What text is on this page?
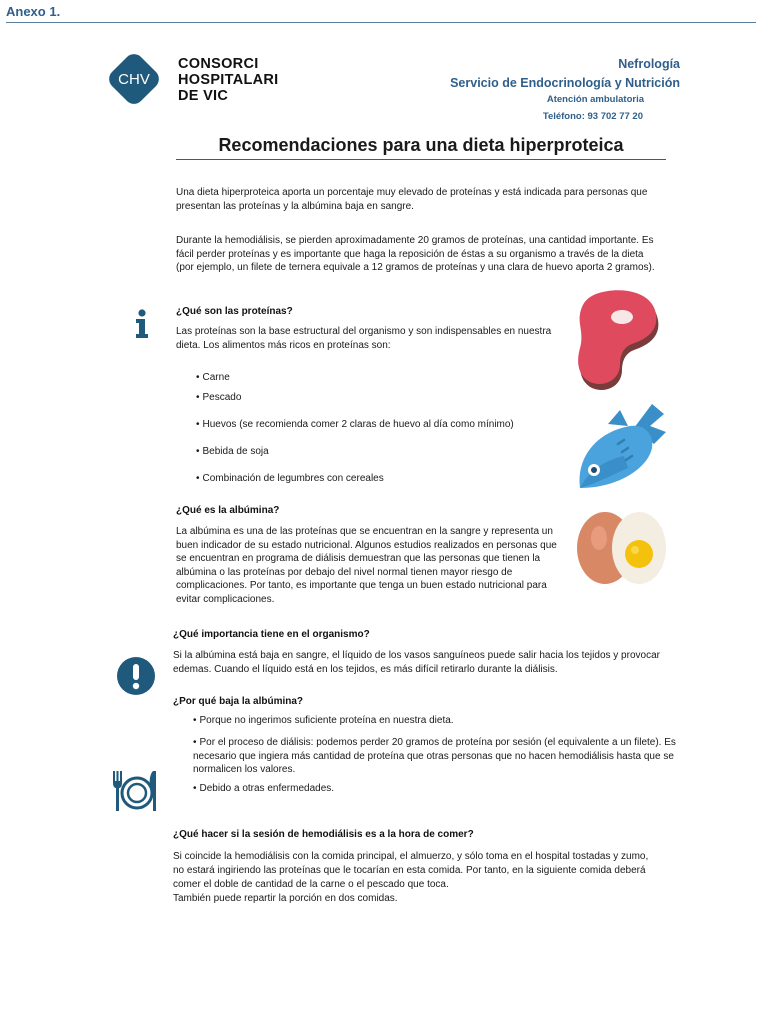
Anexo 1.
CHV
CONSORCI
HOSPITALARI
DE VIC
Nefrología
Servicio de Endocrinología y Nutrición
Atención ambulatoria
Teléfono: 93 702 77 20
Recomendaciones para una dieta hiperproteica

Una dieta hiperproteica aporta un porcentaje muy elevado de proteínas y está indicada para personas que presentan las proteínas y la albúmina baja en sangre.

Durante la hemodiálisis, se pierden aproximadamente 20 gramos de proteínas, una cantidad importante. Es fácil perder proteínas y es importante que haga la reposición de éstas a su organismo a través de la dieta (por ejemplo, un filete de ternera equivale a 12 gramos de proteínas y una clara de huevo aporta 2 gramos).

¿Qué son las proteínas?

Las proteínas son la base estructural del organismo y son indispensables en nuestra dieta. Los alimentos más ricos en proteínas son:

• Carne
• Pescado
• Huevos (se recomienda comer 2 claras de huevo al día como mínimo)
• Bebida de soja
• Combinación de legumbres con cereales
¿Qué es la albúmina?

La albúmina es una de las proteínas que se encuentran en la sangre y representa un buen indicador de su estado nutricional. Algunos estudios realizados en personas que se encuentran en programa de diálisis demuestran que las personas que tienen la albúmina o las proteínas por debajo del nivel normal tienen mayor riesgo de complicaciones. Por tanto, es importante que tenga un buen estado nutricional para evitar complicaciones.

¿Qué importancia tiene en el organismo?

Si la albúmina está baja en sangre, el líquido de los vasos sanguíneos puede salir hacia los tejidos y provocar edemas. Cuando el líquido está en los tejidos, es más difícil retirarlo durante la diálisis.

¿Por qué baja la albúmina?
• Porque no ingerimos suficiente proteína en nuestra dieta.

• Por el proceso de diálisis: podemos perder 20 gramos de proteína por sesión (el equivalente a un filete). Es necesario que ingiera más cantidad de proteína que otras personas que no hacen hemodiálisis hasta que se normalicen los valores.

• Debido a otras enfermedades.
¿Qué hacer si la sesión de hemodiálisis es a la hora de comer?
Si coincide la hemodiálisis con la comida principal, el almuerzo, y sólo toma en el hospital tostadas y zumo,
no estará ingiriendo las proteínas que le tocarían en esta comida. Por tanto, en la siguiente comida deberá
comer el doble de cantidad de la carne o el pescado que toca.
También puede repartir la porción en dos comidas.
